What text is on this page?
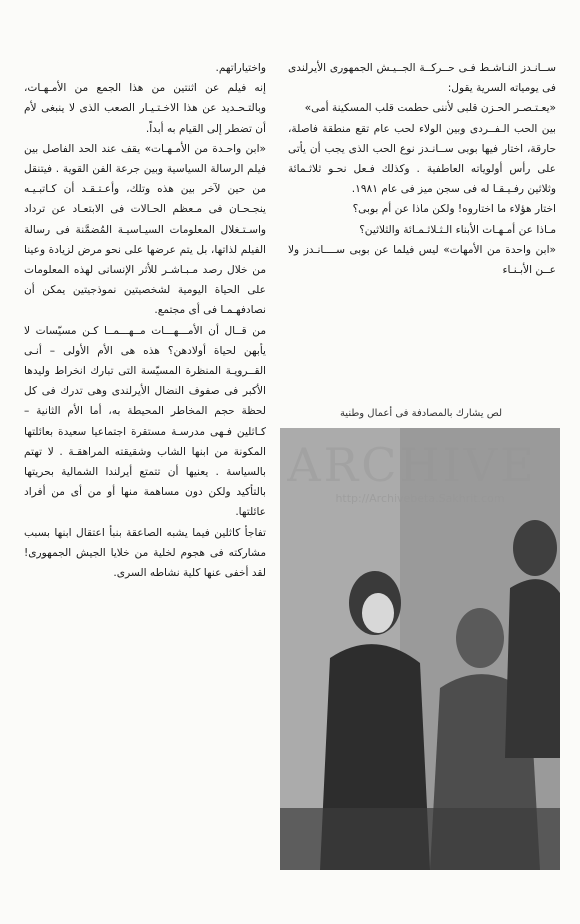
ســانـدز النـاشـط فـى حــركــة الجــيـش الجمهورى الأيرلندى فى يومياته السرية يقول:

«يعـتـصـر الحـزن قلبى لأننى حطمت قلب المسكينة أمى»

بين الحب الـفــردى وبين الولاء لحب عام تقع منطقة فاصلة، حارقة، اختار فيها بوبى ســانـدز نوع الحب الذى يجب أن يأتى على رأس أولوياته العاطفية . وكذلك فـعل نحـو ثلاثـمائة وثلاثين رفـيـقـا له فى سجن ميز فى عام ١٩٨١.

اختار هؤلاء ما اختاروه! ولكن ماذا عن أم بوبى؟

مـاذا عن أمـهـات الأبناء الـثـلاثـمـائة والثلاثين؟

«ابن واحدة من الأمهات» ليس فيلما عن بوبى ســــانـدز ولا عــن الأبـنـاء

واختياراتهم.

إنه فيلم عن اثنتين من هذا الجمع من الأمـهـات، وبالتـحـديد عن هذا الاخـتـيـار الصعب الذى لا ينبغى لأم أن تضطر إلى القيام به أبداً.

«ابن واحـدة من الأمـهـات» يقف عند الحد الفاصل بين فيلم الرسالة السياسية وبين جرعة الفن القوية . فيتنقل من حين لآخر بين هذه وتلك، وأعـتـقـد أن كـاتبـيـه ينجـحـان فى مـعظم الحـالات فى الابتعـاد عن ترداد واسـتـغلال المعلومات السيـاسيـة المُضمَّنة فى رسالة الفيلم لذاتها، بل يتم عرضها على نحو مرض لزيادة وعينا من خلال رصد مـبـاشـر للأثر الإنسانى لهذه المعلومات على الحياة اليومية لشخصيتين نموذجيتين يمكن أن نصادفهـمـا فى أى مجتمع.

من قــال أن الأمـــهـــات مــهـــمــا كـن مسيّسات لا يأبهن لحياة أولادهن؟ هذه هى الأم الأولى – أنـى القــرويـة المنظرة المسيّسة التى تبارك انخراط وليدها الأكبر فى صفوف النضال الأيرلندى وهى تدرك فى كل لحظة حجم المخاطر المحيطة به، أما الأم الثانية – كـاثلين فـهى مدرسـة مستقرة اجتماعيا سعيدة بعائلتها المكونة من ابنها الشاب وشقيقته المراهقـة . لا تهتم بالسياسة . يعنيها أن تتمتع أيرلندا الشمالية بحريتها بالتأكيد ولكن دون مساهمة منها أو من أى من أفراد عائلتها.

تفاجأ كاثلين فيما يشبه الصاعقة بنبأ اعتقال ابنها بسبب مشاركته فى هجوم لخلية من خلايا الجيش الجمهورى! لقد أخفى عنها كلية نشاطه السرى.

لص يشارك بالمصادفة فى أعمال وطنية
ARCHIVE
http://Archivebeta.Sakhrit.com
